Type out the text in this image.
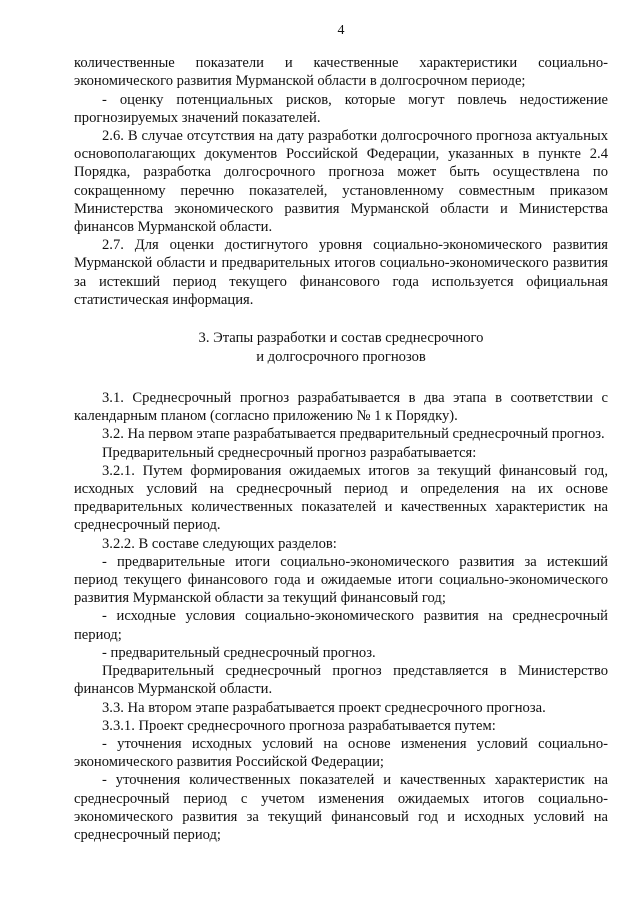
4

количественные показатели и качественные характеристики социально-экономического развития Мурманской области в долгосрочном периоде;

- оценку потенциальных рисков, которые могут повлечь недостижение прогнозируемых значений показателей.

2.6. В случае отсутствия на дату разработки долгосрочного прогноза актуальных основополагающих документов Российской Федерации, указанных в пункте 2.4 Порядка, разработка долгосрочного прогноза может быть осуществлена по сокращенному перечню показателей, установленному совместным приказом Министерства экономического развития Мурманской области и Министерства финансов Мурманской области.

2.7. Для оценки достигнутого уровня социально-экономического развития Мурманской области и предварительных итогов социально-экономического развития за истекший период текущего финансового года используется официальная статистическая информация.

3. Этапы разработки и состав среднесрочного
и долгосрочного прогнозов

3.1. Среднесрочный прогноз разрабатывается в два этапа в соответствии с календарным планом (согласно приложению № 1 к Порядку).

3.2. На первом этапе разрабатывается предварительный среднесрочный прогноз.

Предварительный среднесрочный прогноз разрабатывается:

3.2.1. Путем формирования ожидаемых итогов за текущий финансовый год, исходных условий на среднесрочный период и определения на их основе предварительных количественных показателей и качественных характеристик на среднесрочный период.

3.2.2. В составе следующих разделов:

- предварительные итоги социально-экономического развития за истекший период текущего финансового года и ожидаемые итоги социально-экономического развития Мурманской области за текущий финансовый год;

- исходные условия социально-экономического развития на среднесрочный период;

- предварительный среднесрочный прогноз.

Предварительный среднесрочный прогноз представляется в Министерство финансов Мурманской области.

3.3. На втором этапе разрабатывается проект среднесрочного прогноза.

3.3.1. Проект среднесрочного прогноза разрабатывается путем:

- уточнения исходных условий на основе изменения условий социально-экономического развития Российской Федерации;

- уточнения количественных показателей и качественных характеристик на среднесрочный период с учетом изменения ожидаемых итогов социально-экономического развития за текущий финансовый год и исходных условий на среднесрочный период;
